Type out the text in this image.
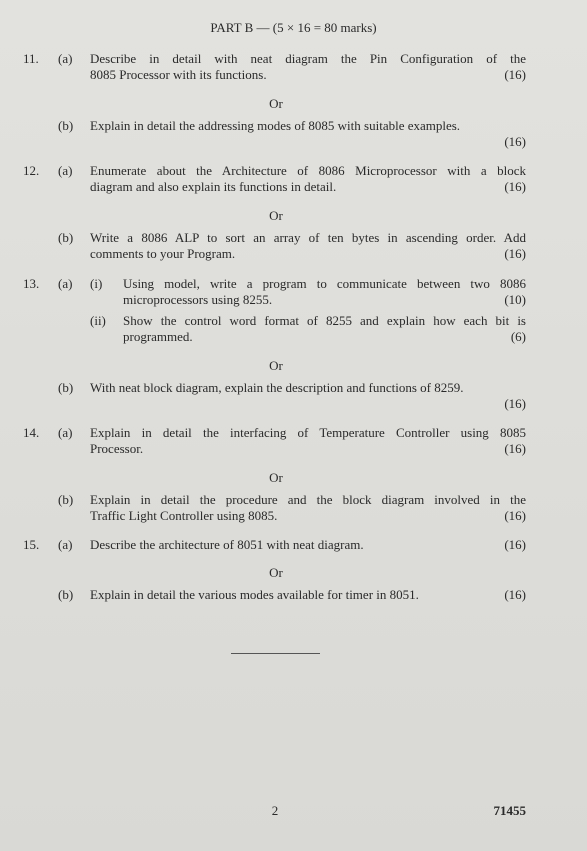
PART B — (5 × 16 = 80 marks)
11. (a) Describe in detail with neat diagram the Pin Configuration of the
8085 Processor with its functions.	(16)
Or
(b) Explain in detail the addressing modes of 8085 with suitable examples.
(16)
12. (a) Enumerate about the Architecture of 8086 Microprocessor with a block
diagram and also explain its functions in detail.	(16)
Or
(b) Write a 8086 ALP to sort an array of ten bytes in ascending order. Add
comments to your Program.	(16)
13. (a) (i) Using model, write a program to communicate between two 8086
microprocessors using 8255.	(10)
(ii) Show the control word format of 8255 and explain how each bit is
programmed.	(6)
Or
(b) With neat block diagram, explain the description and functions of 8259.
(16)
14. (a) Explain in detail the interfacing of Temperature Controller using 8085
Processor.	(16)
Or
(b) Explain in detail the procedure and the block diagram involved in the
Traffic Light Controller using 8085.	(16)
15. (a) Describe the architecture of 8051 with neat diagram.	(16)
Or
(b) Explain in detail the various modes available for timer in 8051.	(16)
2	71455
